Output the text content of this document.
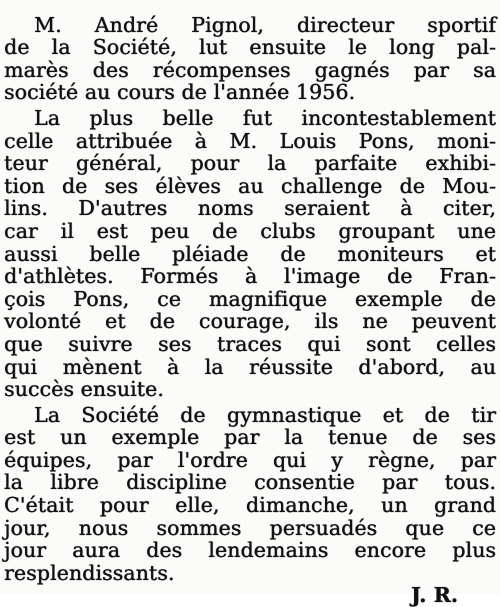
M. André Pignol, directeur sportif
de la Société, lut ensuite le long pal-
marès des récompenses gagnés par sa
société au cours de l'année 1956.
La plus belle fut incontestablement
celle attribuée à M. Louis Pons, moni-
teur général, pour la parfaite exhibi-
tion de ses élèves au challenge de Mou-
lins. D'autres noms seraient à citer,
car il est peu de clubs groupant une
aussi belle pléiade de moniteurs et
d'athlètes. Formés à l'image de Fran-
çois Pons, ce magnifique exemple de
volonté et de courage, ils ne peuvent
que suivre ses traces qui sont celles
qui mènent à la réussite d'abord, au
succès ensuite.
La Société de gymnastique et de tir
est un exemple par la tenue de ses
équipes, par l'ordre qui y règne, par
la libre discipline consentie par tous.
C'était pour elle, dimanche, un grand
jour, nous sommes persuadés que ce
jour aura des lendemains encore plus
resplendissants.
J. R.
